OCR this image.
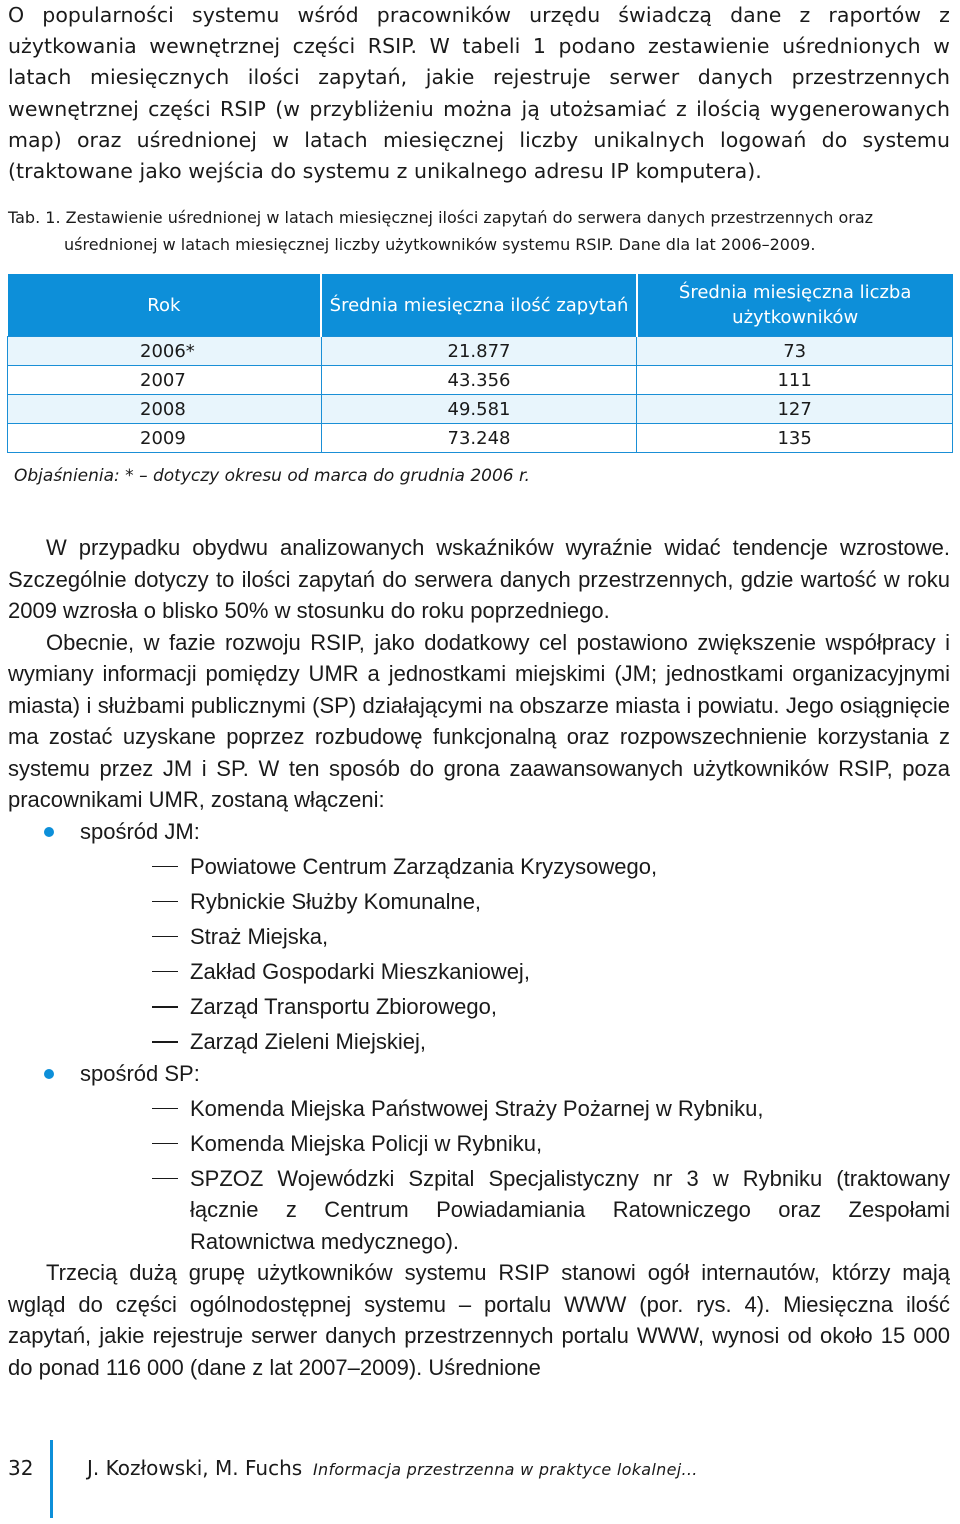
O popularności systemu wśród pracowników urzędu świadczą dane z raportów z użytkowania wewnętrznej części RSIP. W tabeli 1 podano zestawienie uśrednionych w latach miesięcznych ilości zapytań, jakie rejestruje serwer danych przestrzennych wewnętrznej części RSIP (w przybliżeniu można ją utożsamiać z ilością wygenerowanych map) oraz uśrednionej w latach miesięcznej liczby unikalnych logowań do systemu (traktowane jako wejścia do systemu z unikalnego adresu IP komputera).

Tab. 1. Zestawienie uśrednionej w latach miesięcznej ilości zapytań do serwera danych przestrzennych oraz
uśrednionej w latach miesięcznej liczby użytkowników systemu RSIP. Dane dla lat 2006–2009.
Rok	Średnia miesięczna ilość zapytań	Średnia miesięczna liczba użytkowników
2006*	21.877	73
2007	43.356	111
2008	49.581	127
2009	73.248	135

Objaśnienia: * – dotyczy okresu od marca do grudnia 2006 r.

W przypadku obydwu analizowanych wskaźników wyraźnie widać tendencje wzrostowe. Szczególnie dotyczy to ilości zapytań do serwera danych przestrzennych, gdzie wartość w roku 2009 wzrosła o blisko 50% w stosunku do roku poprzedniego.

Obecnie, w fazie rozwoju RSIP, jako dodatkowy cel postawiono zwiększenie współpracy i wymiany informacji pomiędzy UMR a jednostkami miejskimi (JM; jednostkami organizacyjnymi miasta) i służbami publicznymi (SP) działającymi na obszarze miasta i powiatu. Jego osiągnięcie ma zostać uzyskane poprzez rozbudowę funkcjonalną oraz rozpowszechnienie korzystania z systemu przez JM i SP. W ten sposób do grona zaawansowanych użytkowników RSIP, poza pracownikami UMR, zostaną włączeni:

spośród JM:
Powiatowe Centrum Zarządzania Kryzysowego,
Rybnickie Służby Komunalne,
Straż Miejska,
Zakład Gospodarki Mieszkaniowej,
Zarząd Transportu Zbiorowego,
Zarząd Zieleni Miejskiej,
spośród SP:
Komenda Miejska Państwowej Straży Pożarnej w Rybniku,
Komenda Miejska Policji w Rybniku,
SPZOZ Wojewódzki Szpital Specjalistyczny nr 3 w Rybniku (traktowany łącznie z Centrum Powiadamiania Ratowniczego oraz Zespołami Ratownictwa medycznego).

Trzecią dużą grupę użytkowników systemu RSIP stanowi ogół internautów, którzy mają wgląd do części ogólnodostępnej systemu – portalu WWW (por. rys. 4). Miesięczna ilość zapytań, jakie rejestruje serwer danych przestrzennych portalu WWW, wynosi od około 15 000 do ponad 116 000 (dane z lat 2007–2009). Uśrednione

32	J. Kozłowski, M. Fuchs Informacja przestrzenna w praktyce lokalnej...
